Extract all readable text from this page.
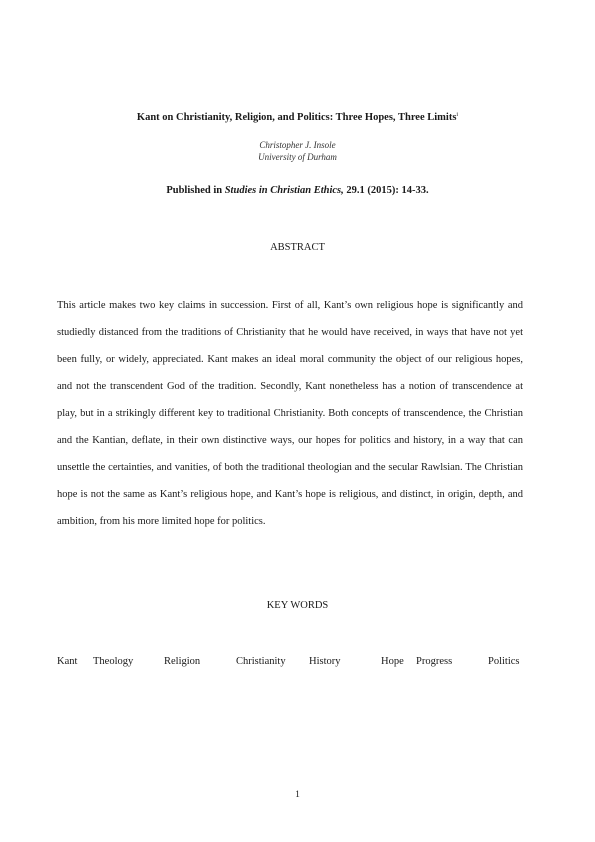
Kant on Christianity, Religion, and Politics: Three Hopes, Three Limits$^i$
Christopher J. Insole
University of Durham
Published in Studies in Christian Ethics, 29.1 (2015): 14-33.
ABSTRACT

This article makes two key claims in succession. First of all, Kant’s own religious hope is significantly and studiedly distanced from the traditions of Christianity that he would have received, in ways that have not yet been fully, or widely, appreciated. Kant makes an ideal moral community the object of our religious hopes, and not the transcendent God of the tradition. Secondly, Kant nonetheless has a notion of transcendence at play, but in a strikingly different key to traditional Christianity. Both concepts of transcendence, the Christian and the Kantian, deflate, in their own distinctive ways, our hopes for politics and history, in a way that can unsettle the certainties, and vanities, of both the traditional theologian and the secular Rawlsian. The Christian hope is not the same as Kant’s religious hope, and Kant’s hope is religious, and distinct, in origin, depth, and ambition, from his more limited hope for politics.

KEY WORDS
Kant Theology	Religion	Christianity History	Hope Progress	Politics
1
